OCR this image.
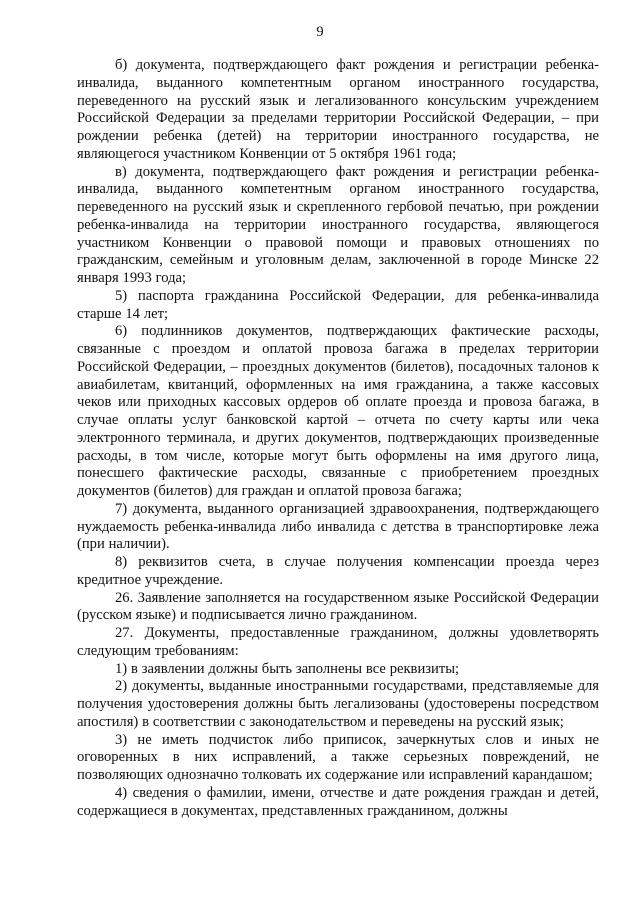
9

б) документа, подтверждающего факт рождения и регистрации ребенка-инвалида, выданного компетентным органом иностранного государства, переведенного на русский язык и легализованного консульским учреждением Российской Федерации за пределами территории Российской Федерации, – при рождении ребенка (детей) на территории иностранного государства, не являющегося участником Конвенции от 5 октября 1961 года;

в) документа, подтверждающего факт рождения и регистрации ребенка-инвалида, выданного компетентным органом иностранного государства, переведенного на русский язык и скрепленного гербовой печатью, при рождении ребенка-инвалида на территории иностранного государства, являющегося участником Конвенции о правовой помощи и правовых отношениях по гражданским, семейным и уголовным делам, заключенной в городе Минске 22 января 1993 года;

5) паспорта гражданина Российской Федерации, для ребенка-инвалида старше 14 лет;

6) подлинников документов, подтверждающих фактические расходы, связанные с проездом и оплатой провоза багажа в пределах территории Российской Федерации, – проездных документов (билетов), посадочных талонов к авиабилетам, квитанций, оформленных на имя гражданина, а также кассовых чеков или приходных кассовых ордеров об оплате проезда и провоза багажа, в случае оплаты услуг банковской картой – отчета по счету карты или чека электронного терминала, и других документов, подтверждающих произведенные расходы, в том числе, которые могут быть оформлены на имя другого лица, понесшего фактические расходы, связанные с приобретением проездных документов (билетов) для граждан и оплатой провоза багажа;

7) документа, выданного организацией здравоохранения, подтверждающего нуждаемость ребенка-инвалида либо инвалида с детства в транспортировке лежа (при наличии).

8) реквизитов счета, в случае получения компенсации проезда через кредитное учреждение.

26. Заявление заполняется на государственном языке Российской Федерации (русском языке) и подписывается лично гражданином.

27. Документы, предоставленные гражданином, должны удовлетворять следующим требованиям:

1) в заявлении должны быть заполнены все реквизиты;

2) документы, выданные иностранными государствами, представляемые для получения удостоверения должны быть легализованы (удостоверены посредством апостиля) в соответствии с законодательством и переведены на русский язык;

3) не иметь подчисток либо приписок, зачеркнутых слов и иных не оговоренных в них исправлений, а также серьезных повреждений, не позволяющих однозначно толковать их содержание или исправлений карандашом;

4) сведения о фамилии, имени, отчестве и дате рождения граждан и детей, содержащиеся в документах, представленных гражданином, должны
